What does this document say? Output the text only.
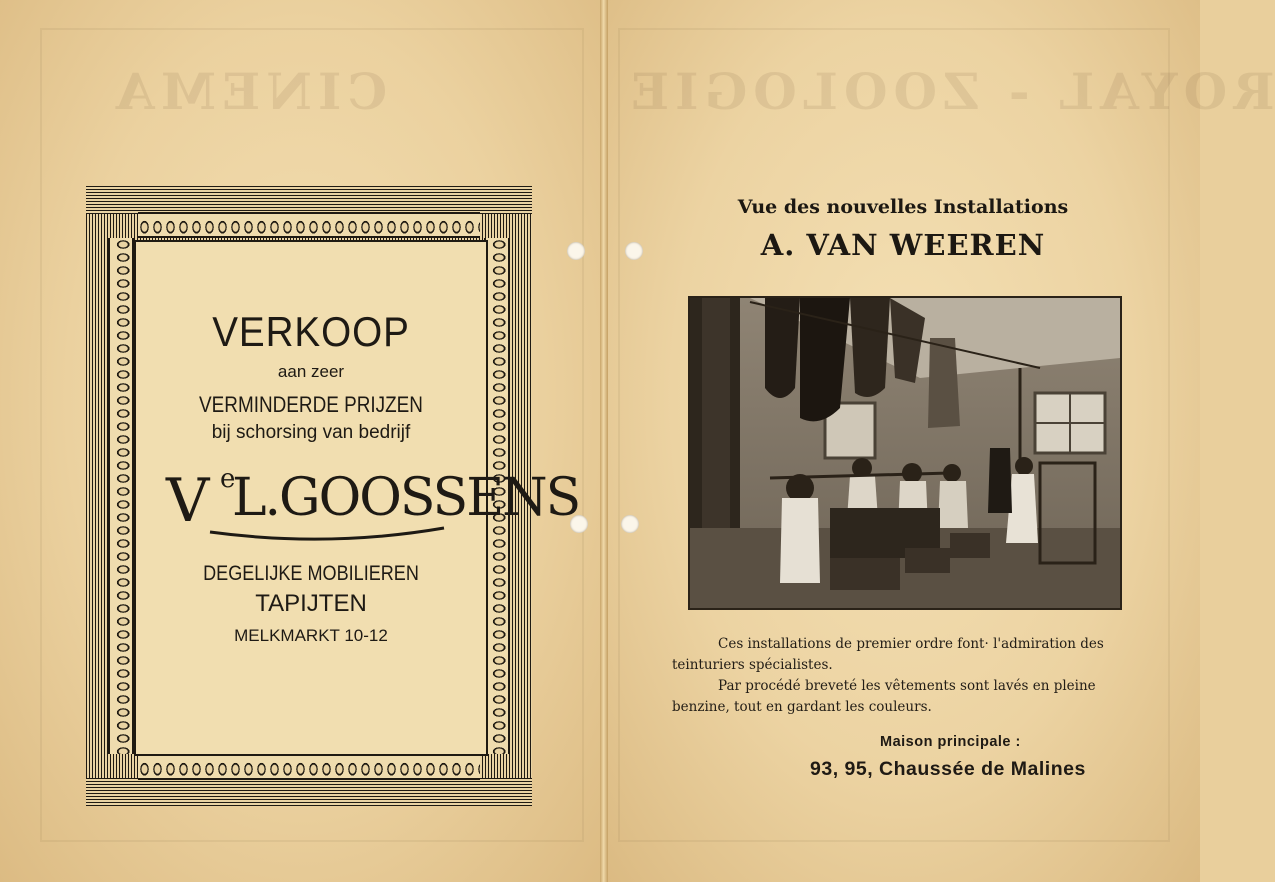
CINEMA	ROYAL - ZOOLOGIE
VERKOOP
aan zeer
VERMINDERDE PRIJZEN
bij schorsing van bedrijf
V e
L.GOOSSENS
DEGELIJKE MOBILIEREN
TAPIJTEN
MELKMARKT 10-12
Vue des nouvelles Installations
A. VAN WEEREN
Ces installations de premier ordre font· l'admiration des teinturiers spécialistes.
Par procédé breveté les vêtements sont lavés en pleine benzine, tout en gardant les couleurs.
Maison principale :
93, 95, Chaussée de Malines
